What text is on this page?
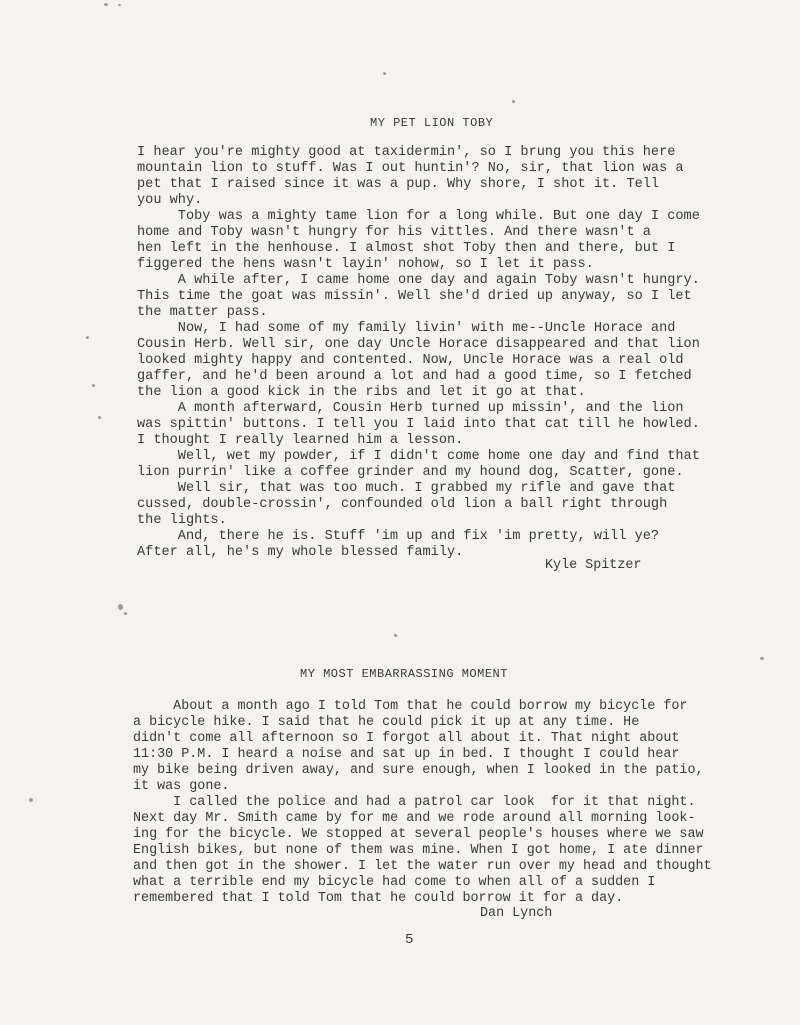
MY PET LION TOBY
I hear you're mighty good at taxidermin', so I brung you this here
mountain lion to stuff. Was I out huntin'? No, sir, that lion was a
pet that I raised since it was a pup. Why shore, I shot it. Tell
you why.
Toby was a mighty tame lion for a long while. But one day I come
home and Toby wasn't hungry for his vittles. And there wasn't a
hen left in the henhouse. I almost shot Toby then and there, but I
figgered the hens wasn't layin' nohow, so I let it pass.
A while after, I came home one day and again Toby wasn't hungry.
This time the goat was missin'. Well she'd dried up anyway, so I let
the matter pass.
Now, I had some of my family livin' with me--Uncle Horace and
Cousin Herb. Well sir, one day Uncle Horace disappeared and that lion
looked mighty happy and contented. Now, Uncle Horace was a real old
gaffer, and he'd been around a lot and had a good time, so I fetched
the lion a good kick in the ribs and let it go at that.
A month afterward, Cousin Herb turned up missin', and the lion
was spittin' buttons. I tell you I laid into that cat till he howled.
I thought I really learned him a lesson.
Well, wet my powder, if I didn't come home one day and find that
lion purrin' like a coffee grinder and my hound dog, Scatter, gone.
Well sir, that was too much. I grabbed my rifle and gave that
cussed, double-crossin', confounded old lion a ball right through
the lights.
And, there he is. Stuff 'im up and fix 'im pretty, will ye?
After all, he's my whole blessed family.
Kyle Spitzer
MY MOST EMBARRASSING MOMENT
About a month ago I told Tom that he could borrow my bicycle for
a bicycle hike. I said that he could pick it up at any time. He
didn't come all afternoon so I forgot all about it. That night about
11:30 P.M. I heard a noise and sat up in bed. I thought I could hear
my bike being driven away, and sure enough, when I looked in the patio,
it was gone.
I called the police and had a patrol car look  for it that night.
Next day Mr. Smith came by for me and we rode around all morning look-
ing for the bicycle. We stopped at several people's houses where we saw
English bikes, but none of them was mine. When I got home, I ate dinner
and then got in the shower. I let the water run over my head and thought
what a terrible end my bicycle had come to when all of a sudden I
remembered that I told Tom that he could borrow it for a day.
Dan Lynch
5
